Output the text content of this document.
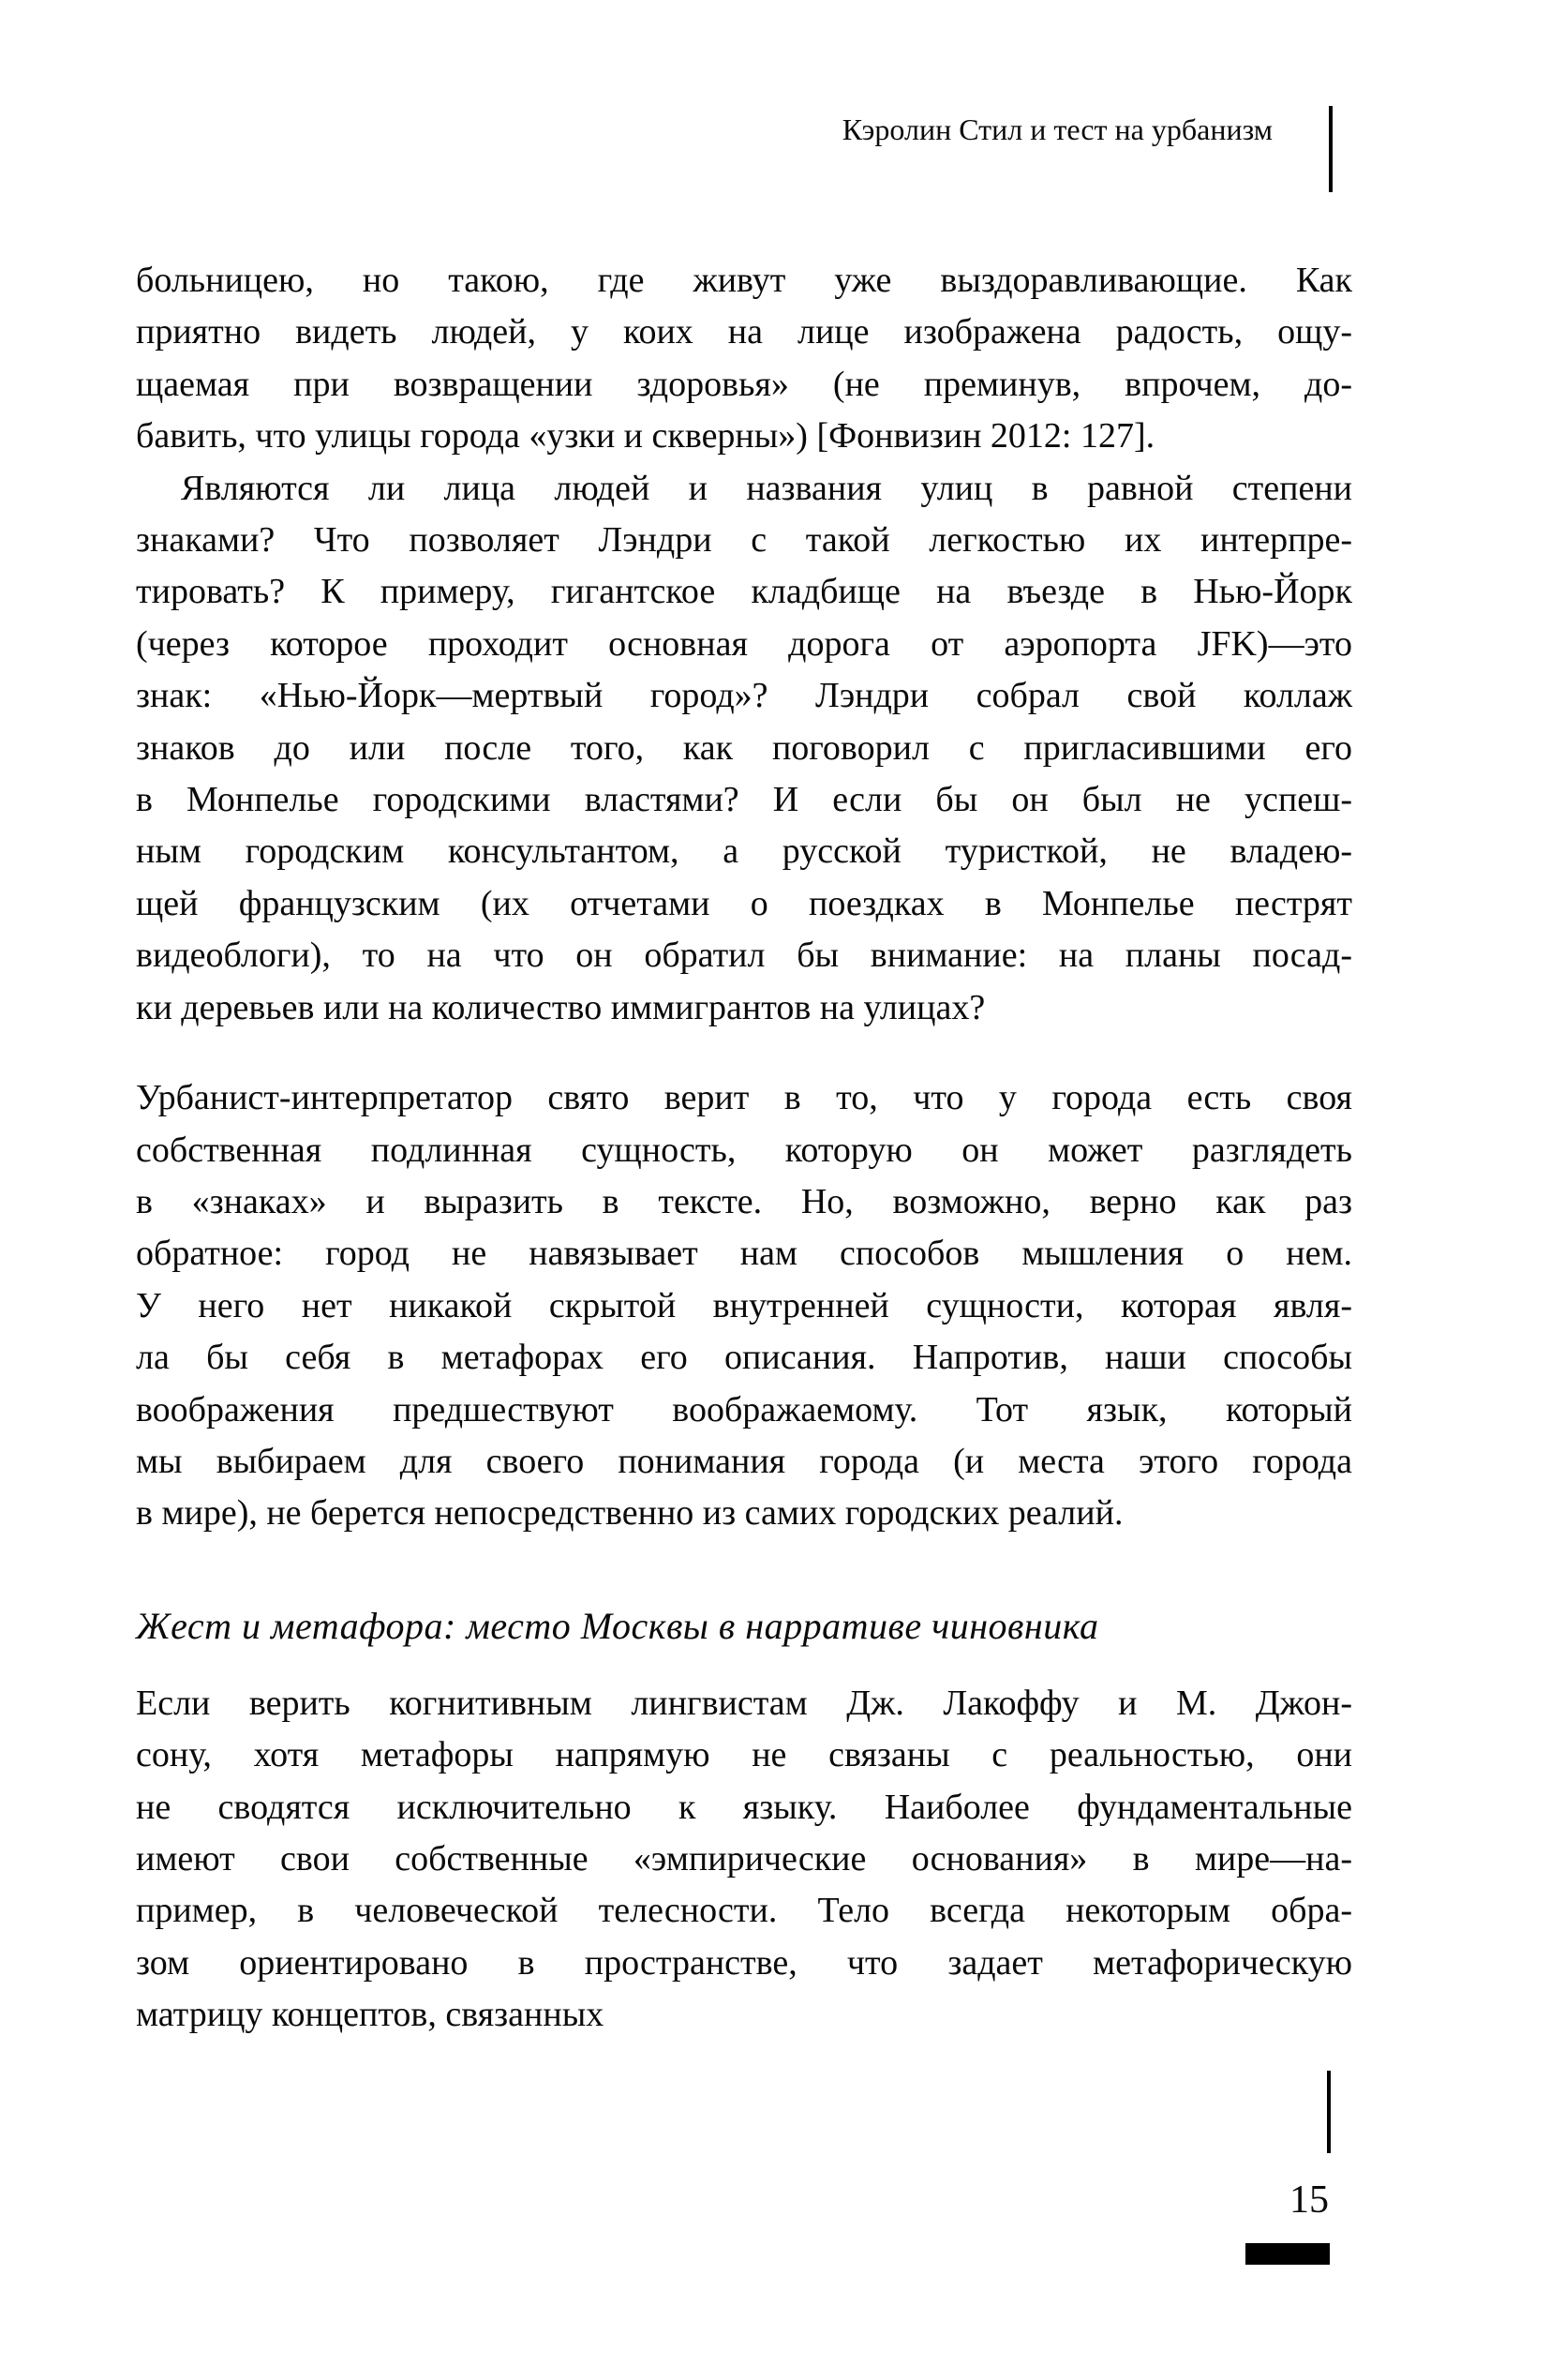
Кэролин Стил и тест на урбанизм
больницею, но такою, где живут уже выздоравливающие. Как
приятно видеть людей, у коих на лице изображена радость, ощу-
щаемая при возвращении здоровья» (не преминув, впрочем, до-
бавить, что улицы города «узки и скверны») [Фонвизин 2012: 127].
Являются ли лица людей и названия улиц в равной степени
знаками? Что позволяет Лэндри с такой легкостью их интерпре-
тировать? К примеру, гигантское кладбище на въезде в Нью-Йорк
(через которое проходит основная дорога от аэропорта JFK)—это
знак: «Нью-Йорк—мертвый город»? Лэндри собрал свой коллаж
знаков до или после того, как поговорил с пригласившими его
в Монпелье городскими властями? И если бы он был не успеш-
ным городским консультантом, а русской туристкой, не владею-
щей французским (их отчетами о поездках в Монпелье пестрят
видеоблоги), то на что он обратил бы внимание: на планы посад-
ки деревьев или на количество иммигрантов на улицах?
Урбанист-интерпретатор свято верит в то, что у города есть своя
собственная подлинная сущность, которую он может разглядеть
в «знаках» и выразить в тексте. Но, возможно, верно как раз
обратное: город не навязывает нам способов мышления о нем.
У него нет никакой скрытой внутренней сущности, которая явля-
ла бы себя в метафорах его описания. Напротив, наши способы
воображения предшествуют воображаемому. Тот язык, который
мы выбираем для своего понимания города (и места этого города
в мире), не берется непосредственно из самих городских реалий.
Жест и метафора: место Москвы в нарративе чиновника
Если верить когнитивным лингвистам Дж. Лакоффу и М. Джон-
сону, хотя метафоры напрямую не связаны с реальностью, они
не сводятся исключительно к языку. Наиболее фундаментальные
имеют свои собственные «эмпирические основания» в мире—на-
пример, в человеческой телесности. Тело всегда некоторым обра-
зом ориентировано в пространстве, что задает метафорическую
матрицу концептов, связанных
15
